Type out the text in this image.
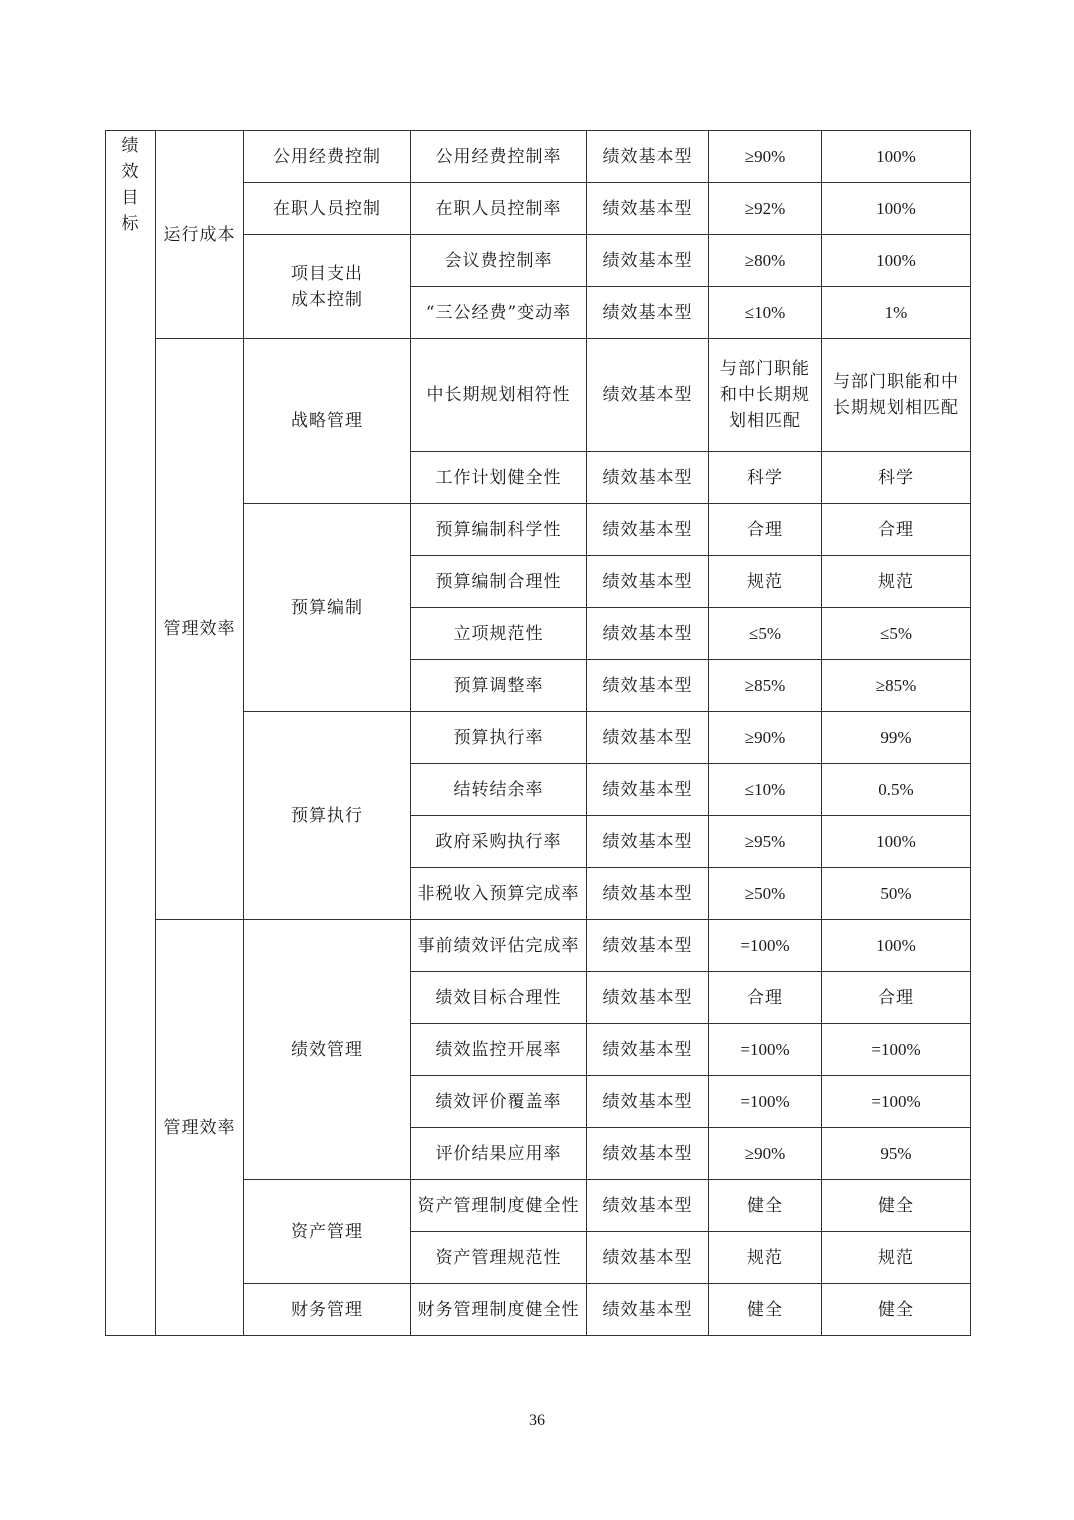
绩效目标	运行成本	公用经费控制	公用经费控制率	绩效基本型	≥90%	100%
		在职人员控制	在职人员控制率	绩效基本型	≥92%	100%
		项目支出成本控制	会议费控制率	绩效基本型	≥80%	100%
			“三公经费”变动率	绩效基本型	≤10%	1%
	管理效率	战略管理	中长期规划相符性	绩效基本型	与部门职能和中长期规划相匹配	与部门职能和中长期规划相匹配
			工作计划健全性	绩效基本型	科学	科学
		预算编制	预算编制科学性	绩效基本型	合理	合理
			预算编制合理性	绩效基本型	规范	规范
			立项规范性	绩效基本型	≤5%	≤5%
			预算调整率	绩效基本型	≥85%	≥85%
		预算执行	预算执行率	绩效基本型	≥90%	99%
			结转结余率	绩效基本型	≤10%	0.5%
			政府采购执行率	绩效基本型	≥95%	100%
			非税收入预算完成率	绩效基本型	≥50%	50%
	管理效率	绩效管理	事前绩效评估完成率	绩效基本型	=100%	100%
			绩效目标合理性	绩效基本型	合理	合理
			绩效监控开展率	绩效基本型	=100%	=100%
			绩效评价覆盖率	绩效基本型	=100%	=100%
			评价结果应用率	绩效基本型	≥90%	95%
		资产管理	资产管理制度健全性	绩效基本型	健全	健全
			资产管理规范性	绩效基本型	规范	规范
		财务管理	财务管理制度健全性	绩效基本型	健全	健全
36
